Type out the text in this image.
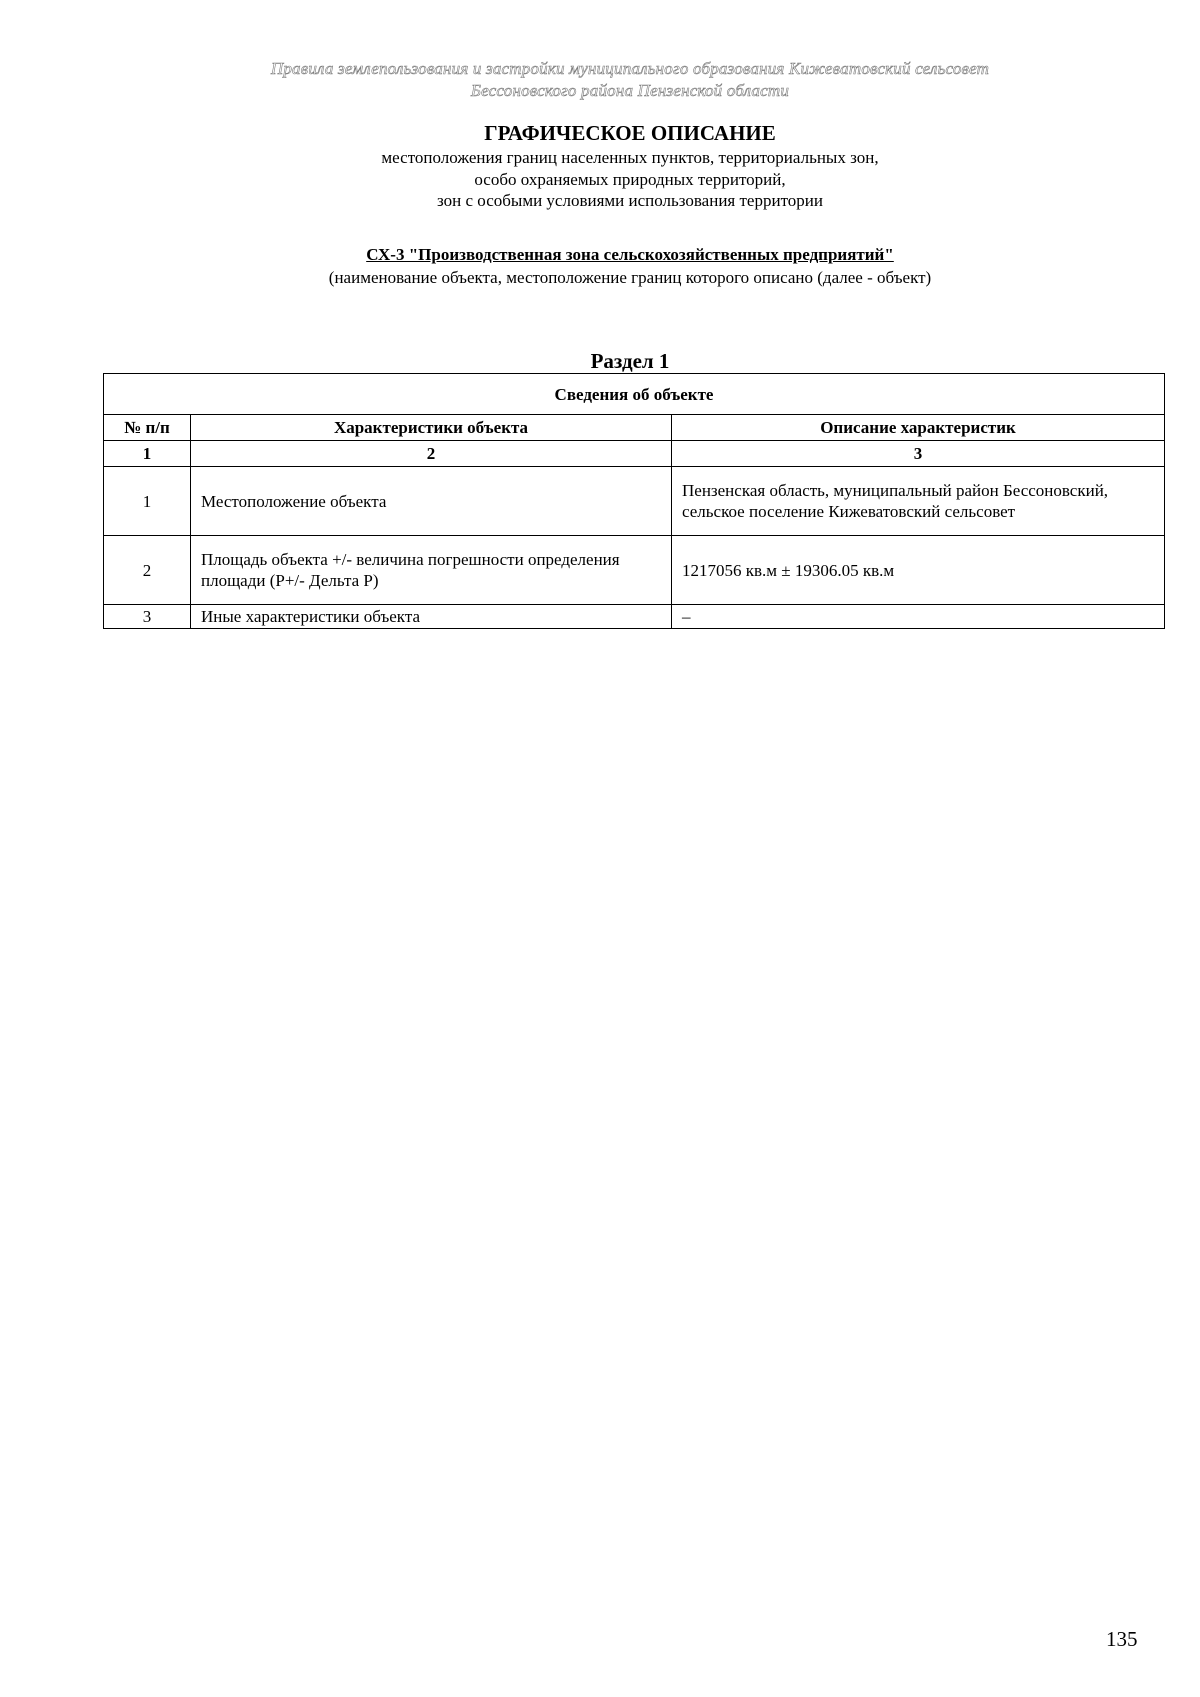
Правила землепользования и застройки муниципального образования Кижеватовский сельсовет
Бессоновского района Пензенской области
ГРАФИЧЕСКОЕ ОПИСАНИЕ
местоположения границ населенных пунктов, территориальных зон,
особо охраняемых природных территорий,
зон с особыми условиями использования территории
СХ-3 "Производственная зона сельскохозяйственных предприятий"
(наименование объекта, местоположение границ которого описано (далее - объект)
Раздел 1
Сведения об объекте		
№ п/п	Характеристики объекта	Описание характеристик
1	2	3
1	Местоположение объекта	Пензенская область, муниципальный район Бессоновский, сельское поселение Кижеватовский сельсовет
2	Площадь объекта +/- величина погрешности определения площади (Р+/- Дельта Р)	1217056 кв.м ± 19306.05 кв.м
3	Иные характеристики объекта	–
135
